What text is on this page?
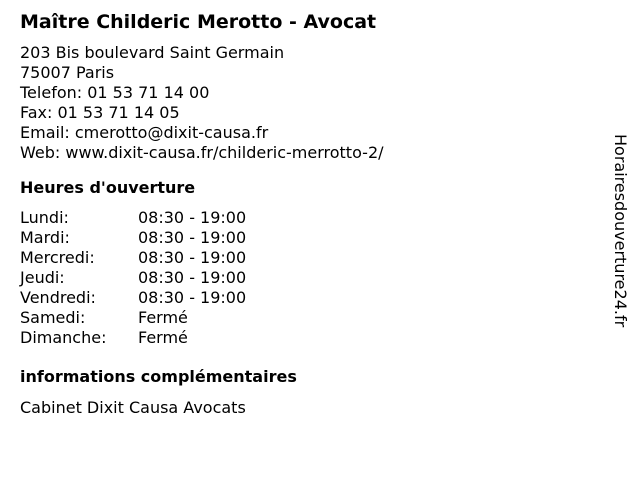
Maître Childeric Merotto - Avocat
203 Bis boulevard Saint Germain
75007 Paris
Telefon: 01 53 71 14 00
Fax: 01 53 71 14 05
Email: cmerotto@dixit-causa.fr
Web: www.dixit-causa.fr/childeric-merrotto-2/
Heures d'ouverture
Lundi:	08:30 - 19:00
Mardi:	08:30 - 19:00
Mercredi:	08:30 - 19:00
Jeudi:	08:30 - 19:00
Vendredi:	08:30 - 19:00
Samedi:	Fermé
Dimanche:	Fermé
informations complémentaires
Cabinet Dixit Causa Avocats
Horairesdouverture24.fr
